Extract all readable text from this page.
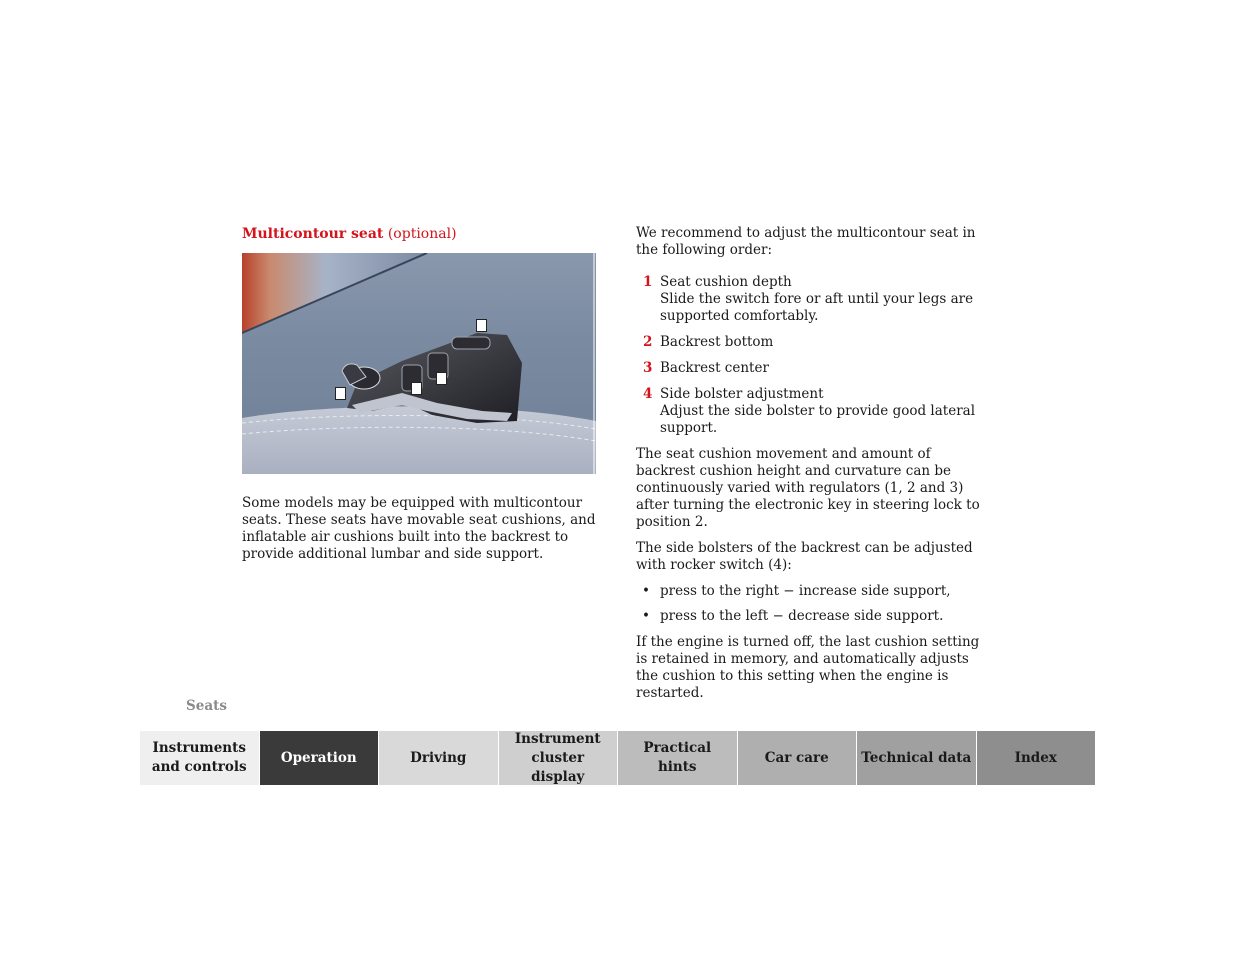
Multicontour seat (optional)

Some models may be equipped with multicontour seats. These seats have movable seat cushions, and inflatable air cushions built into the backrest to provide additional lumbar and side support.

We recommend to adjust the multicontour seat in the following order:

1 Seat cushion depth
Slide the switch fore or aft until your legs are supported comfortably.
2 Backrest bottom
3 Backrest center
4 Side bolster adjustment
Adjust the side bolster to provide good lateral support.

The seat cushion movement and amount of backrest cushion height and curvature can be continuously varied with regulators (1, 2 and 3) after turning the electronic key in steering lock to position 2.

The side bolsters of the backrest can be adjusted with rocker switch (4):

• press to the right − increase side support,
• press to the left − decrease side support.

If the engine is turned off, the last cushion setting is retained in memory, and automatically adjusts the cushion to this setting when the engine is restarted.

Seats
Instruments and controls
Operation	Driving
Instrument cluster display
Practical hints
Car care	Technical data	Index
